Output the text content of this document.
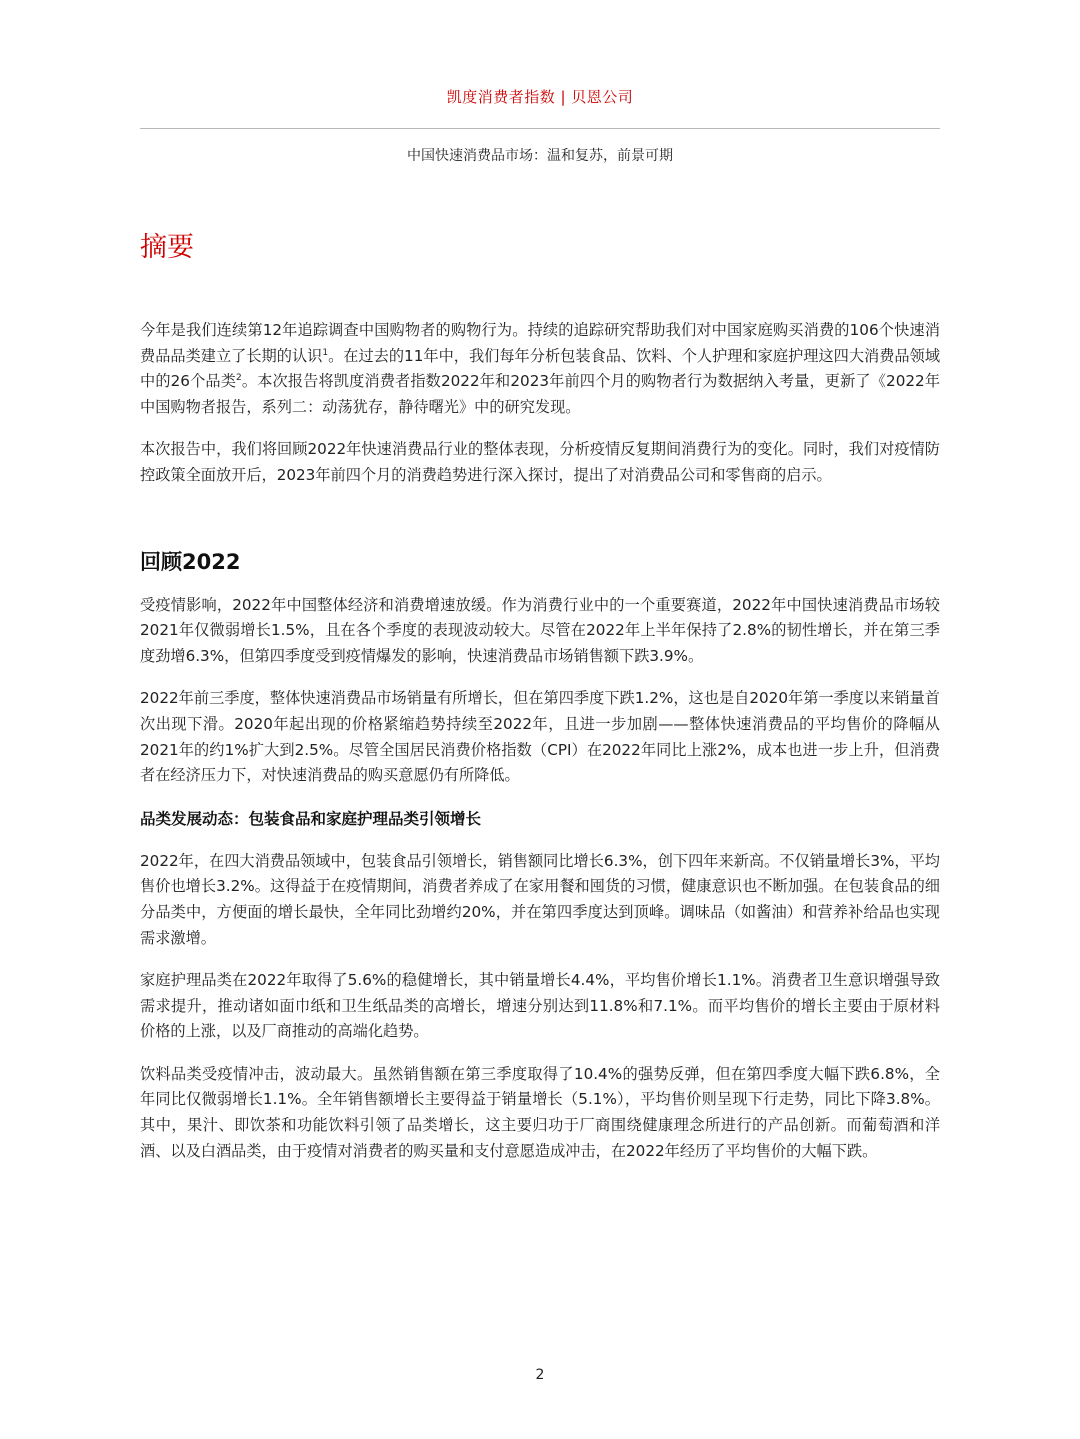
凯度消费者指数 | 贝恩公司
中国快速消费品市场：温和复苏，前景可期
摘要

今年是我们连续第12年追踪调查中国购物者的购物行为。持续的追踪研究帮助我们对中国家庭购买消费的106个快速消费品品类建立了长期的认识$^1$。在过去的11年中，我们每年分析包装食品、饮料、个人护理和家庭护理这四大消费品领域中的26个品类$^2$。本次报告将凯度消费者指数2022年和2023年前四个月的购物者行为数据纳入考量，更新了《2022年中国购物者报告，系列二：动荡犹存，静待曙光》中的研究发现。

本次报告中，我们将回顾2022年快速消费品行业的整体表现，分析疫情反复期间消费行为的变化。同时，我们对疫情防控政策全面放开后，2023年前四个月的消费趋势进行深入探讨，提出了对消费品公司和零售商的启示。

回顾2022

受疫情影响，2022年中国整体经济和消费增速放缓。作为消费行业中的一个重要赛道，2022年中国快速消费品市场较2021年仅微弱增长1.5%，且在各个季度的表现波动较大。尽管在2022年上半年保持了2.8%的韧性增长，并在第三季度劲增6.3%，但第四季度受到疫情爆发的影响，快速消费品市场销售额下跌3.9%。

2022年前三季度，整体快速消费品市场销量有所增长，但在第四季度下跌1.2%，这也是自2020年第一季度以来销量首次出现下滑。2020年起出现的价格紧缩趋势持续至2022年，且进一步加剧——整体快速消费品的平均售价的降幅从2021年的约1%扩大到2.5%。尽管全国居民消费价格指数（CPI）在2022年同比上涨2%，成本也进一步上升，但消费者在经济压力下，对快速消费品的购买意愿仍有所降低。

品类发展动态：包装食品和家庭护理品类引领增长

2022年，在四大消费品领域中，包装食品引领增长，销售额同比增长6.3%，创下四年来新高。不仅销量增长3%，平均售价也增长3.2%。这得益于在疫情期间，消费者养成了在家用餐和囤货的习惯，健康意识也不断加强。在包装食品的细分品类中，方便面的增长最快，全年同比劲增约20%，并在第四季度达到顶峰。调味品（如酱油）和营养补给品也实现需求激增。

家庭护理品类在2022年取得了5.6%的稳健增长，其中销量增长4.4%，平均售价增长1.1%。消费者卫生意识增强导致需求提升，推动诸如面巾纸和卫生纸品类的高增长，增速分别达到11.8%和7.1%。而平均售价的增长主要由于原材料价格的上涨，以及厂商推动的高端化趋势。

饮料品类受疫情冲击，波动最大。虽然销售额在第三季度取得了10.4%的强势反弹，但在第四季度大幅下跌6.8%，全年同比仅微弱增长1.1%。全年销售额增长主要得益于销量增长（5.1%），平均售价则呈现下行走势，同比下降3.8%。其中，果汁、即饮茶和功能饮料引领了品类增长，这主要归功于厂商围绕健康理念所进行的产品创新。而葡萄酒和洋酒、以及白酒品类，由于疫情对消费者的购买量和支付意愿造成冲击，在2022年经历了平均售价的大幅下跌。

2
